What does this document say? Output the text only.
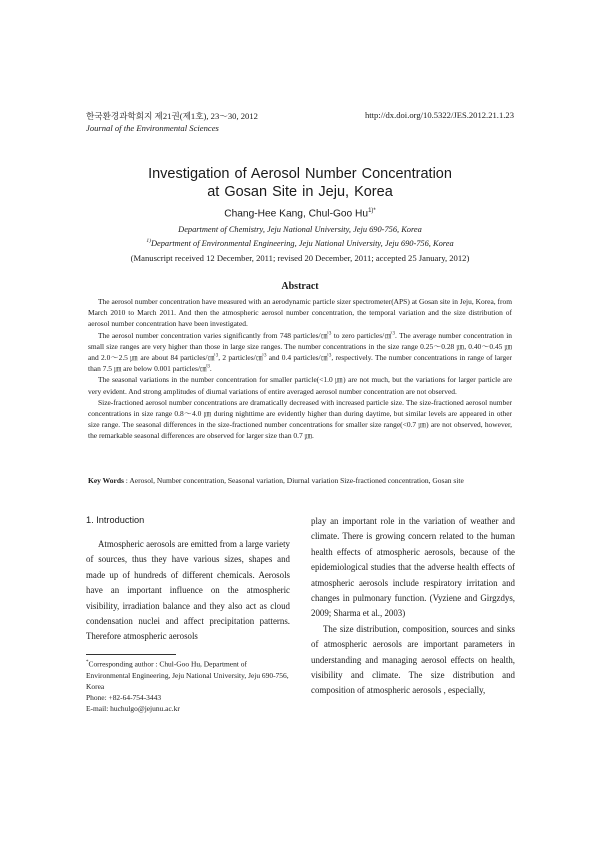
한국환경과학회지 제21권(제1호), 23～30, 2012
Journal of the Environmental Sciences
http://dx.doi.org/10.5322/JES.2012.21.1.23
Investigation of Aerosol Number Concentration
at Gosan Site in Jeju, Korea
Chang-Hee Kang, Chul-Goo $Hu^{1)*}$
Department of Chemistry, Jeju National University, Jeju 690-756, Korea
$^{1)}$Department of Environmental Engineering, Jeju National University, Jeju 690-756, Korea
(Manuscript received 12 December, 2011; revised 20 December, 2011; accepted 25 January, 2012)
Abstract

The aerosol number concentration have measured with an aerodynamic particle sizer spectrometer(APS) at Gosan site in Jeju, Korea, from March 2010 to March 2011. And then the atmospheric aerosol number concentration, the temporal variation and the size distribution of aerosol number concentration have been investigated.

The aerosol number concentration varies significantly from 748 particles/㎤$^3$ to zero particles/㎤$^3$. The average number concentration in small size ranges are very higher than those in large size ranges. The number concentrations in the size range 0.25～0.28 ㎛, 0.40～0.45 ㎛ and 2.0～2.5 ㎛ are about 84 particles/㎤$^3$, 2 particles/㎤$^3$ and 0.4 particles/㎤$^3$, respectively. The number concentrations in range of larger than 7.5 ㎛ are below 0.001 particles/㎤$^3$.

The seasonal variations in the number concentration for smaller particle(<1.0 ㎛) are not much, but the variations for larger particle are very evident. And strong amplitudes of diurnal variations of entire averaged aerosol number concentration are not observed.

Size-fractioned aerosol number concentrations are dramatically decreased with increased particle size. The size-fractioned aerosol number concentrations in size range 0.8～4.0 ㎛ during nighttime are evidently higher than during daytime, but similar levels are appeared in other size range. The seasonal differences in the size-fractioned number concentrations for smaller size range(<0.7 ㎛) are not observed, however, the remarkable seasonal differences are observed for larger size than 0.7 ㎛.

Key Words : Aerosol, Number concentration, Seasonal variation, Diurnal variation Size-fractioned concentration, Gosan site
1. Introduction

Atmospheric aerosols are emitted from a large variety of sources, thus they have various sizes, shapes and made up of hundreds of different chemicals. Aerosols have an important influence on the atmospheric visibility, irradiation balance and they also act as cloud condensation nuclei and affect precipitation patterns. Therefore atmospheric aerosols

play an important role in the variation of weather and climate. There is growing concern related to the human health effects of atmospheric aerosols, because of the epidemiological studies that the adverse health effects of atmospheric aerosols include respiratory irritation and changes in pulmonary function. (Vyziene and Girgzdys, 2009; Sharma et al., 2003)

The size distribution, composition, sources and sinks of atmospheric aerosols are important parameters in understanding and managing aerosol effects on health, visibility and climate. The size distribution and composition of atmospheric aerosols , especially,

*Corresponding author : Chul-Goo Hu, Department of Environmental Engineering, Jeju National University, Jeju 690-756, Korea

Phone: +82-64-754-3443

E-mail: huchulgo@jejunu.ac.kr
